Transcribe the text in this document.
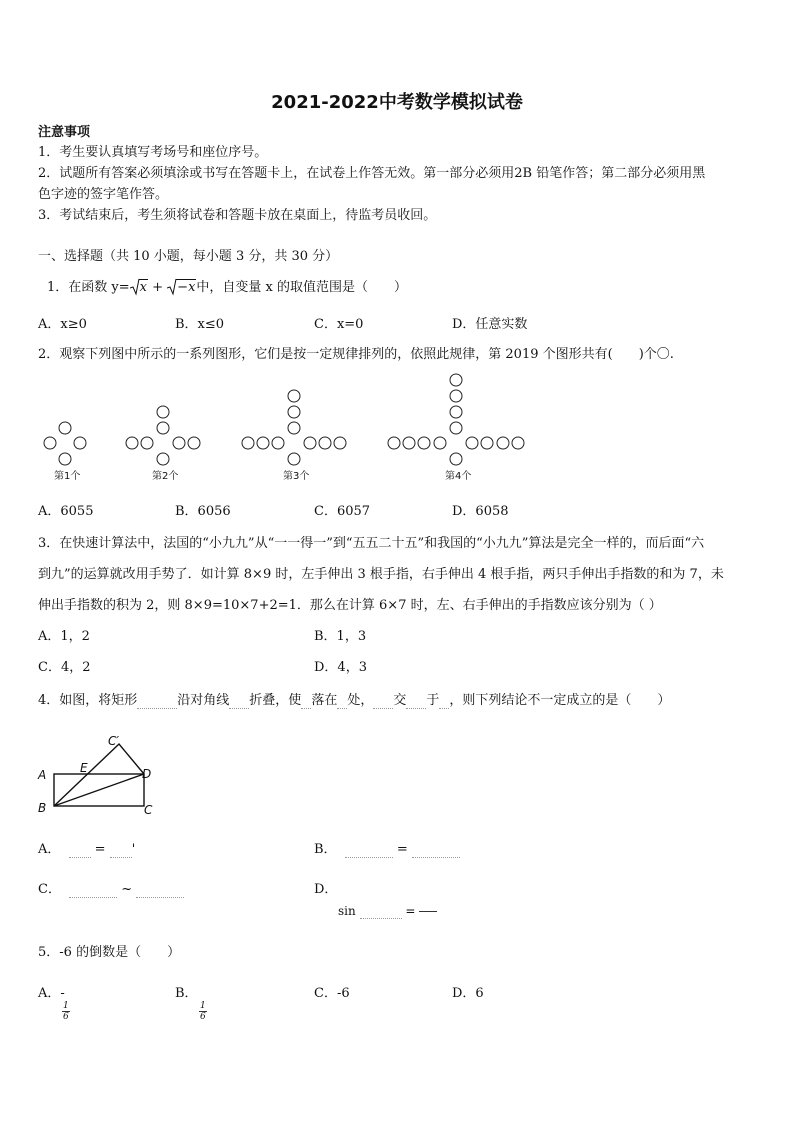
2021-2022中考数学模拟试卷
注意事项
1．考生要认真填写考场号和座位序号。
2．试题所有答案必须填涂或书写在答题卡上，在试卷上作答无效。第一部分必须用2B 铅笔作答；第二部分必须用黑
色字迹的签字笔作答。
3．考试结束后，考生须将试卷和答题卡放在桌面上，待监考员收回。
一、选择题（共 10 小题，每小题 3 分，共 30 分）
1．在函数 y= x + −x中，自变量 x 的取值范围是（　　）
A．x≥0	B．x≤0	C．x=0	D．任意实数
2．观察下列图中所示的一系列图形，它们是按一定规律排列的，依照此规律，第 2019 个图形共有(　　)个〇.
第1个	第2个	第3个	第4个
A．6055	B．6056	C．6057	D．6058
3．在快速计算法中，法国的“小九九”从“一一得一”到“五五二十五”和我国的“小九九”算法是完全一样的，而后面“六
到九”的运算就改用手势了．如计算 8×9 时，左手伸出 3 根手指，右手伸出 4 根手指，两只手伸出手指数的和为 7，未
伸出手指数的积为 2，则 8×9=10×7+2=1．那么在计算 6×7 时，左、右手伸出的手指数应该分别为（ ）
A．1，2	B．1，3
C．4，2	D．4，3
4．如图，将矩形	沿对角线 折叠，使 落在 处， 交 于 ，则下列结论不一定成立的是（　　）
A
B	C
D
E
C′
A．	= '	B．	=
C．	~	D．
sin	=
5．-6 的倒数是（　　）
A．-

$\frac{1}{6}$
B．

$\frac{1}{6}$
C．-6	D．6
